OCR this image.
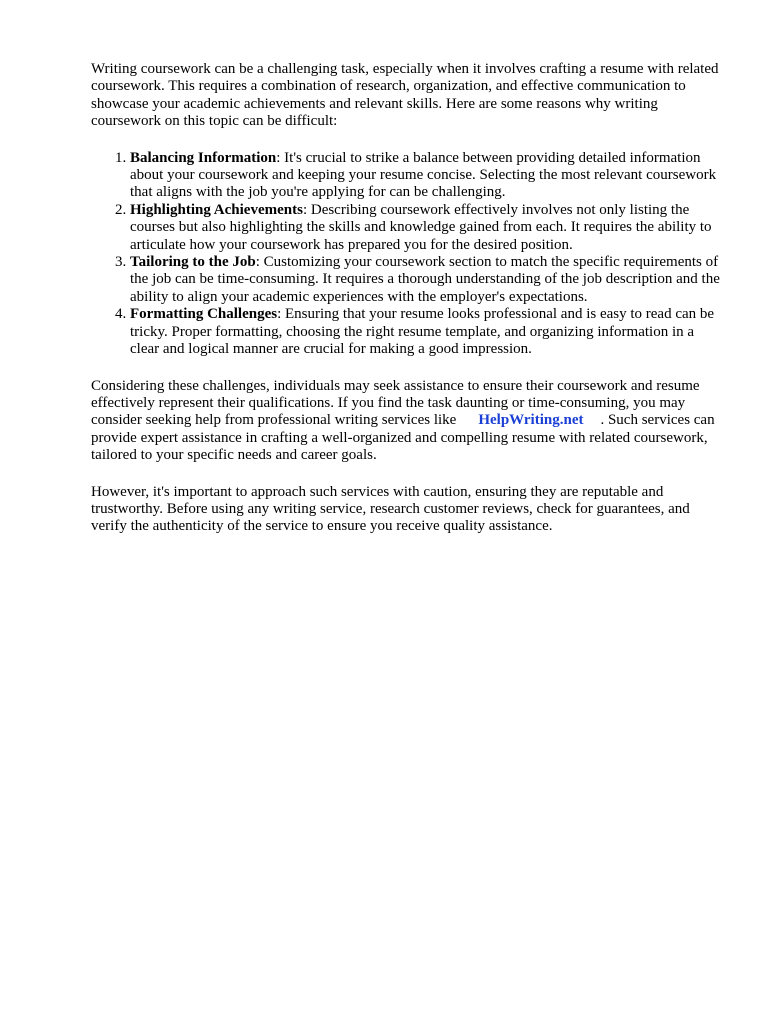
Writing coursework can be a challenging task, especially when it involves crafting a resume with related coursework. This requires a combination of research, organization, and effective communication to showcase your academic achievements and relevant skills. Here are some reasons why writing coursework on this topic can be difficult:

1. Balancing Information: It's crucial to strike a balance between providing detailed information about your coursework and keeping your resume concise. Selecting the most relevant coursework that aligns with the job you're applying for can be challenging.
2. Highlighting Achievements: Describing coursework effectively involves not only listing the courses but also highlighting the skills and knowledge gained from each. It requires the ability to articulate how your coursework has prepared you for the desired position.
3. Tailoring to the Job: Customizing your coursework section to match the specific requirements of the job can be time-consuming. It requires a thorough understanding of the job description and the ability to align your academic experiences with the employer's expectations.
4. Formatting Challenges: Ensuring that your resume looks professional and is easy to read can be tricky. Proper formatting, choosing the right resume template, and organizing information in a clear and logical manner are crucial for making a good impression.

Considering these challenges, individuals may seek assistance to ensure their coursework and resume effectively represent their qualifications. If you find the task daunting or time-consuming, you may consider seeking help from professional writing services like HelpWriting.net . Such services can provide expert assistance in crafting a well-organized and compelling resume with related coursework, tailored to your specific needs and career goals.

However, it's important to approach such services with caution, ensuring they are reputable and trustworthy. Before using any writing service, research customer reviews, check for guarantees, and verify the authenticity of the service to ensure you receive quality assistance.
